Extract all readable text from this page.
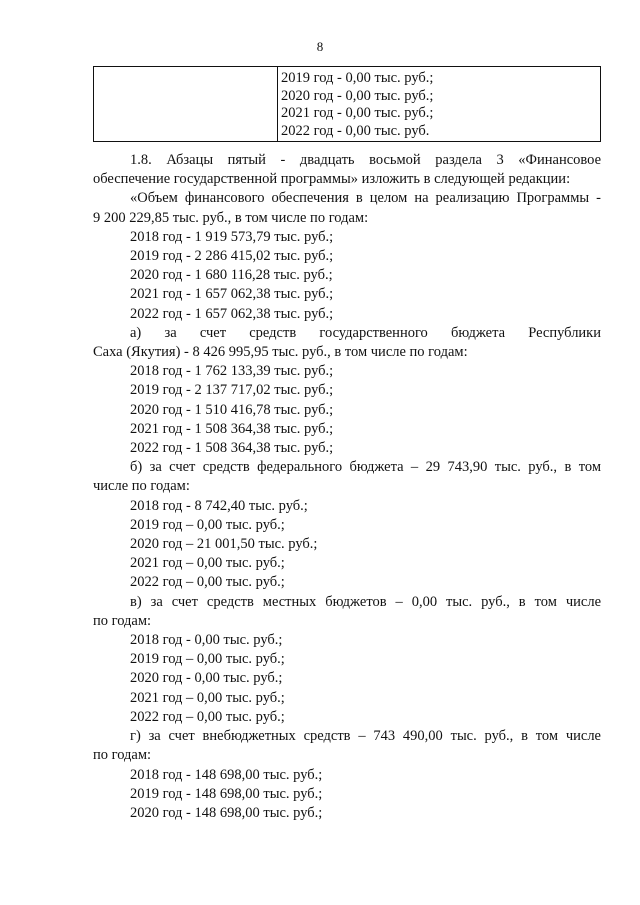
8
2019 год - 0,00 тыс. руб.;
2020 год - 0,00 тыс. руб.;
2021 год - 0,00 тыс. руб.;
2022 год - 0,00 тыс. руб.

1.8. Абзацы пятый - двадцать восьмой раздела 3 «Финансовое

обеспечение государственной программы» изложить в следующей редакции:

«Объем финансового обеспечения в целом на реализацию Программы -

9 200 229,85 тыс. руб., в том числе по годам:

2018 год - 1 919 573,79 тыс. руб.;

2019 год - 2 286 415,02 тыс. руб.;

2020 год - 1 680 116,28 тыс. руб.;

2021 год - 1 657 062,38 тыс. руб.;

2022 год - 1 657 062,38 тыс. руб.;

а) за счет средств государственного бюджета Республики

Саха (Якутия) - 8 426 995,95 тыс. руб., в том числе по годам:

2018 год - 1 762 133,39 тыс. руб.;

2019 год - 2 137 717,02 тыс. руб.;

2020 год - 1 510 416,78 тыс. руб.;

2021 год - 1 508 364,38 тыс. руб.;

2022 год - 1 508 364,38 тыс. руб.;

б) за счет средств федерального бюджета – 29 743,90 тыс. руб., в том

числе по годам:

2018 год - 8 742,40 тыс. руб.;

2019 год – 0,00 тыс. руб.;

2020 год – 21 001,50 тыс. руб.;

2021 год – 0,00 тыс. руб.;

2022 год – 0,00 тыс. руб.;

в) за счет средств местных бюджетов – 0,00 тыс. руб., в том числе

по годам:

2018 год - 0,00 тыс. руб.;

2019 год – 0,00 тыс. руб.;

2020 год - 0,00 тыс. руб.;

2021 год – 0,00 тыс. руб.;

2022 год – 0,00 тыс. руб.;

г) за счет внебюджетных средств – 743 490,00 тыс. руб., в том числе

по годам:

2018 год - 148 698,00 тыс. руб.;

2019 год - 148 698,00 тыс. руб.;

2020 год - 148 698,00 тыс. руб.;
